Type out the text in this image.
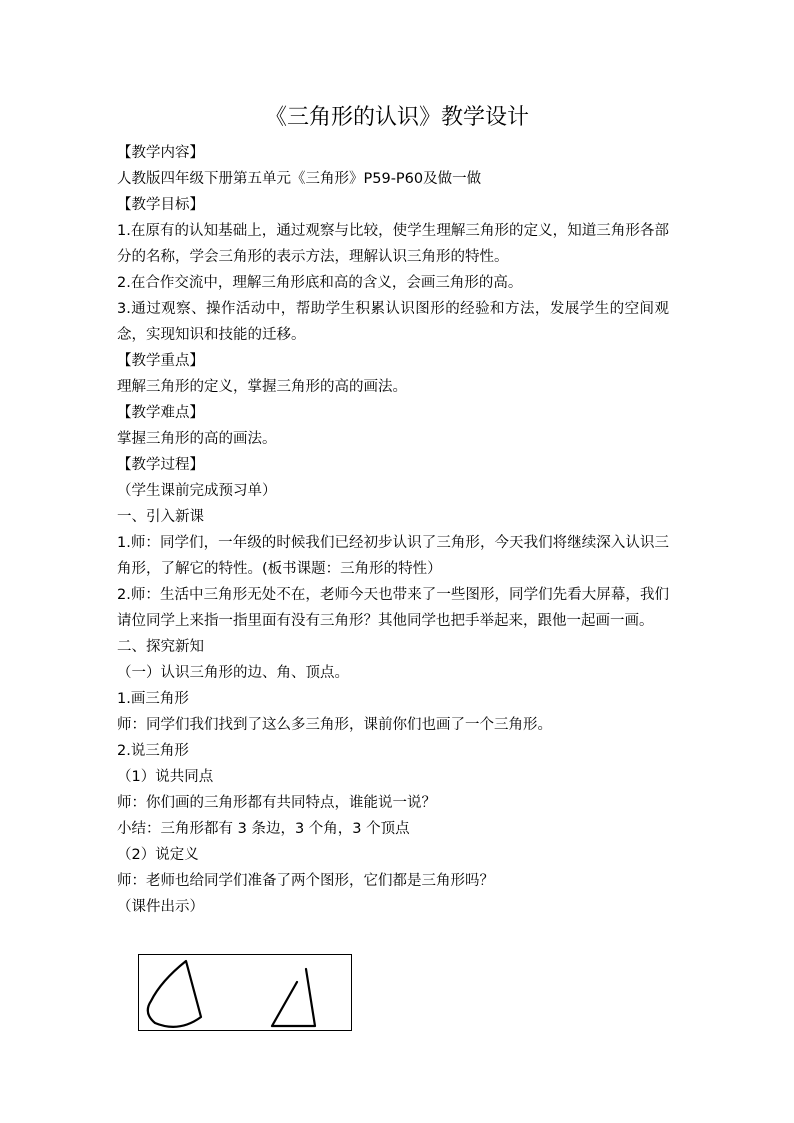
《三角形的认识》教学设计
【教学内容】
人教版四年级下册第五单元《三角形》P59-P60及做一做
【教学目标】
1.在原有的认知基础上，通过观察与比较，使学生理解三角形的定义，知道三角形各部分的名称，学会三角形的表示方法，理解认识三角形的特性。
2.在合作交流中，理解三角形底和高的含义，会画三角形的高。
3.通过观察、操作活动中，帮助学生积累认识图形的经验和方法，发展学生的空间观念，实现知识和技能的迁移。
【教学重点】
理解三角形的定义，掌握三角形的高的画法。
【教学难点】
掌握三角形的高的画法。
【教学过程】
（学生课前完成预习单）
一、引入新课
1.师：同学们，一年级的时候我们已经初步认识了三角形，今天我们将继续深入认识三角形，了解它的特性。(板书课题：三角形的特性）
2.师：生活中三角形无处不在，老师今天也带来了一些图形，同学们先看大屏幕，我们请位同学上来指一指里面有没有三角形？其他同学也把手举起来，跟他一起画一画。
二、探究新知
（一）认识三角形的边、角、顶点。
1.画三角形
师：同学们我们找到了这么多三角形，课前你们也画了一个三角形。
2.说三角形
（1）说共同点
师：你们画的三角形都有共同特点，谁能说一说？
小结：三角形都有 3 条边，3 个角，3 个顶点
（2）说定义
师：老师也给同学们准备了两个图形，它们都是三角形吗？
（课件出示）
